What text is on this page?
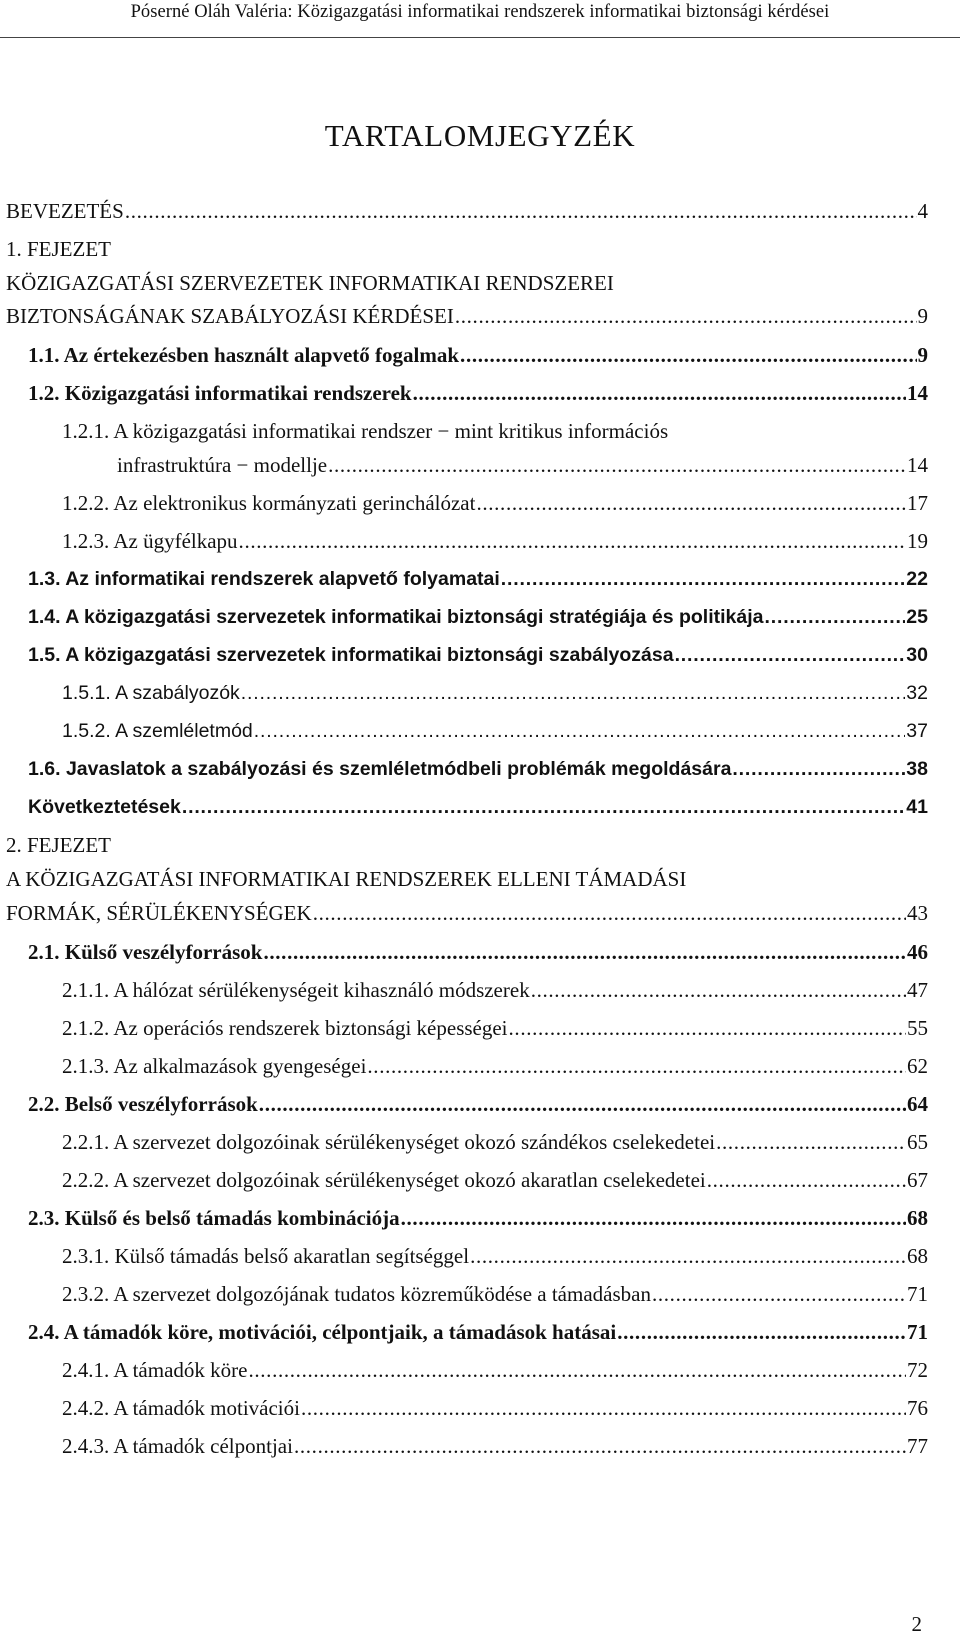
Póserné Oláh Valéria: Közigazgatási informatikai rendszerek informatikai biztonsági kérdései
TARTALOMJEGYZÉK
BEVEZETÉS . . .	4
1. FEJEZET
KÖZIGAZGATÁSI SZERVEZETEK INFORMATIKAI RENDSZEREI
BIZTONSÁGÁNAK SZABÁLYOZÁSI KÉRDÉSEI . . .	9
1.1. Az értekezésben használt alapvető fogalmak . . .	9
1.2. Közigazgatási informatikai rendszerek . . .	14
1.2.1. A közigazgatási informatikai rendszer − mint kritikus információs
infrastruktúra − modellje . . .	14
1.2.2. Az elektronikus kormányzati gerinchálózat . . .	17
1.2.3. Az ügyfélkapu . . .	19
1.3. Az informatikai rendszerek alapvető folyamatai . . .	22
1.4. A közigazgatási szervezetek informatikai biztonsági stratégiája és politikája . . .	25
1.5. A közigazgatási szervezetek informatikai biztonsági szabályozása . . .	30
1.5.1. A szabályozók . . .	32
1.5.2. A szemléletmód . . .	37
1.6. Javaslatok a szabályozási és szemléletmódbeli problémák megoldására . . .	38
Következtetések . . .	41
2. FEJEZET
A KÖZIGAZGATÁSI INFORMATIKAI RENDSZEREK ELLENI TÁMADÁSI
FORMÁK, SÉRÜLÉKENYSÉGEK . . .	43
2.1. Külső veszélyforrások . . .	46
2.1.1. A hálózat sérülékenységeit kihasználó módszerek . . .	47
2.1.2. Az operációs rendszerek biztonsági képességei . . .	55
2.1.3. Az alkalmazások gyengeségei . . .	62
2.2. Belső veszélyforrások . . .	64
2.2.1. A szervezet dolgozóinak sérülékenységet okozó szándékos cselekedetei . . .	65
2.2.2. A szervezet dolgozóinak sérülékenységet okozó akaratlan cselekedetei . . .	67
2.3. Külső és belső támadás kombinációja . . .	68
2.3.1. Külső támadás belső akaratlan segítséggel . . .	68
2.3.2. A szervezet dolgozójának tudatos közreműködése a támadásban . . .	71
2.4. A támadók köre, motivációi, célpontjaik, a támadások hatásai . . .	71
2.4.1. A támadók köre . . .	72
2.4.2. A támadók motivációi . . .	76
2.4.3. A támadók célpontjai . . .	77
2
